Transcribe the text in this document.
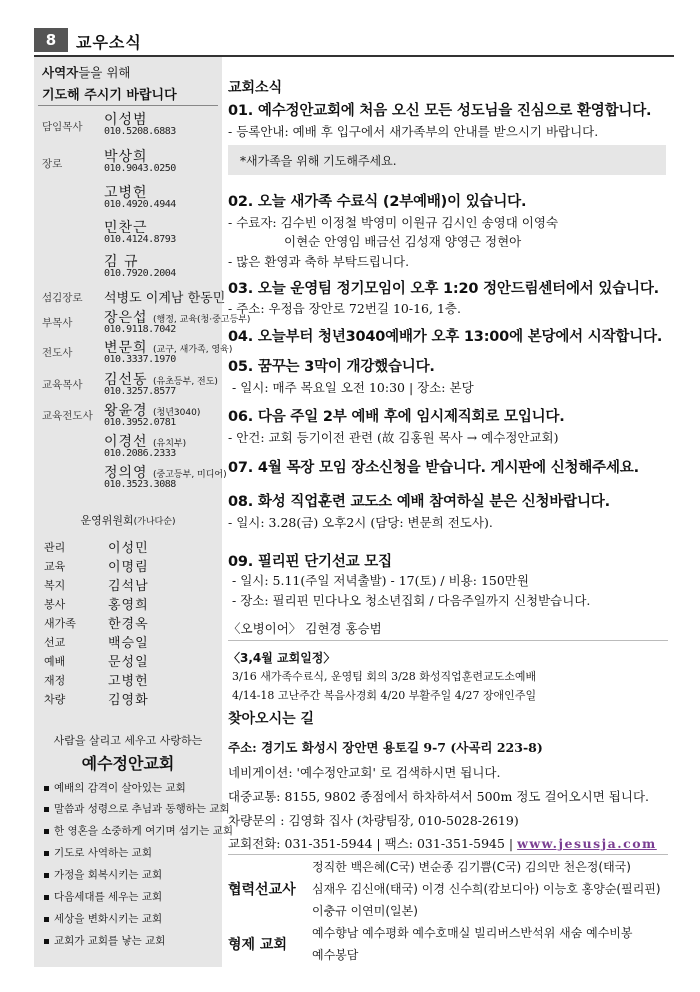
8	교우소식
사역자들을 위해
기도해 주시기 바랍니다
담임목사 이성범
010.5208.6883
장로	박상희
010.9043.0250
고병헌
010.4920.4944
민찬근
010.4124.8793
김 규
010.7920.2004
섬김장로 석병도 이계남 한동민
부목사 장은섭 (행정, 교육(청·중고등부)
010.9118.7042
전도사 변문희 (교구, 새가족, 영육)
010.3337.1970
교육목사 김선동 (유초등부, 전도)
010.3257.8577
교육전도사 왕윤경 (청년3040)
010.3952.0781
이경선 (유치부)
010.2086.2333
정의영 (중고등부, 미디어)
010.3523.3088
운영위원회(가나다순)
관리	이성민
교육	이명림
복지	김석남
봉사	홍영희
새가족 한경옥
선교	백승일
예배	문성일
재정	고병헌
차량	김영화
사람을 살리고 세우고 사랑하는
예수정안교회
예배의 감격이 살아있는 교회
말씀과 성령으로 추님과 동행하는 교회
한 영혼을 소중하게 여기며 섬기는 교회
기도로 사역하는 교회
가정을 회복시키는 교회
다음세대를 세우는 교회
세상을 변화시키는 교회
교회가 교회를 낳는 교회
교회소식
01. 예수정안교회에 처음 오신 모든 성도님을 진심으로 환영합니다.
- 등록안내: 예배 후 입구에서 새가족부의 안내를 받으시기 바랍니다.
*새가족을 위해 기도해주세요.
02. 오늘 새가족 수료식 (2부예배)이 있습니다.
- 수료자: 김수빈 이정철 박영미 이원규 김시인 송영대 이영숙
이현순 안영임 배금선 김성재 양영근 정현아
- 많은 환영과 축하 부탁드립니다.
03. 오늘 운영팀 정기모임이 오후 1:20 정안드림센터에서 있습니다.
- 주소: 우정읍 장안로 72번길 10-16, 1층.
04. 오늘부터 청년3040예배가 오후 13:00에 본당에서 시작합니다.
05. 꿈꾸는 3막이 개강했습니다.
- 일시: 매주 목요일 오전 10:30 | 장소: 본당
06. 다음 주일 2부 예배 후에 임시제직회로 모입니다.
- 안건: 교회 등기이전 관련 (故 김홍원 목사 → 예수정안교회)
07. 4월 목장 모임 장소신청을 받습니다. 게시판에 신청해주세요.
08. 화성 직업훈련 교도소 예배 참여하실 분은 신청바랍니다.
- 일시: 3.28(금) 오후2시 (담당: 변문희 전도사).
09. 필리핀 단기선교 모집
- 일시: 5.11(주일 저녁출발) - 17(토) / 비용: 150만원
- 장소: 필리핀 민다나오 청소년집회 / 다음주일까지 신청받습니다.
〈오병이어〉 김현경 홍승범
〈3,4월 교회일정〉
3/16 새가족수료식, 운영팀 회의 3/28 화성직업훈련교도소예배
4/14-18 고난주간 복음사경회 4/20 부활주일 4/27 장애인주일
찾아오시는 길
주소: 경기도 화성시 장안면 용토길 9-7 (사곡리 223-8)
네비게이션: '예수정안교회' 로 검색하시면 됩니다.
대중교통: 8155, 9802 종점에서 하차하셔서 500m 정도 걸어오시면 됩니다.
차량문의 : 김영화 집사 (차량팀장, 010-5028-2619)
교회전화: 031-351-5944 | 팩스: 031-351-5945 | www.jesusja.com
협력선교사
정직한 백은혜(C국) 변순종 김기쁨(C국) 김의만 천은정(태국)
심재우 김신애(태국) 이경 신수희(캄보디아) 이능호 홍양순(필리핀)
이충규 이연미(일본)
형제 교회
예수향남 예수평화 예수호매실 빌리버스반석위 새숨 예수비봉
예수봉담
